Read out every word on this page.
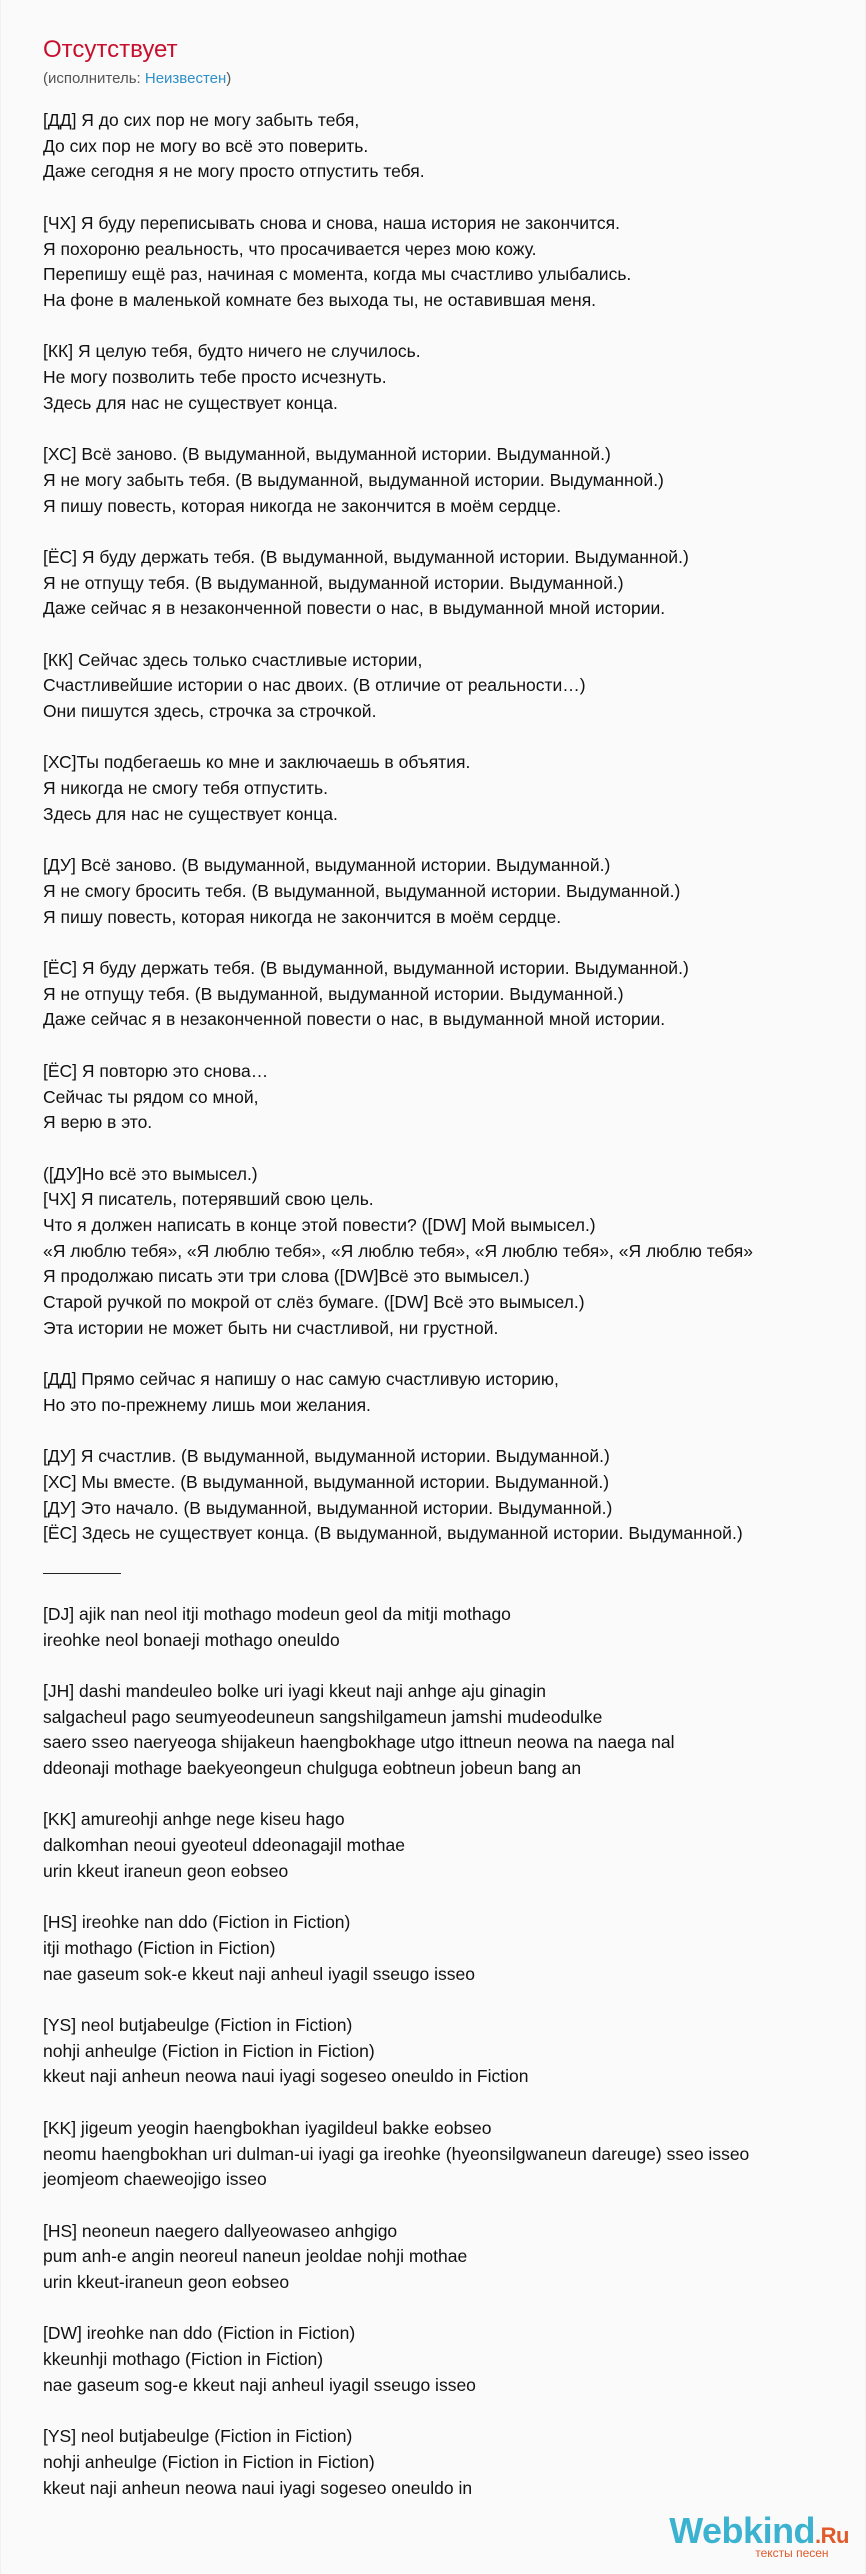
Отсутствует
(исполнитель: Неизвестен)
[ДД] Я до сих пор не могу забыть тебя,
До сих пор не могу во всё это поверить.
Даже сегодня я не могу просто отпустить тебя.
[ЧХ] Я буду переписывать снова и снова, наша история не закончится.
Я похороню реальность, что просачивается через мою кожу.
Перепишу ещё раз, начиная с момента, когда мы счастливо улыбались.
На фоне в маленькой комнате без выхода ты, не оставившая меня.
[КК] Я целую тебя, будто ничего не случилось.
Не могу позволить тебе просто исчезнуть.
Здесь для нас не существует конца.
[ХС] Всё заново. (В выдуманной, выдуманной истории. Выдуманной.)
Я не могу забыть тебя. (В выдуманной, выдуманной истории. Выдуманной.)
Я пишу повесть, которая никогда не закончится в моём сердце.
[ЁС] Я буду держать тебя. (В выдуманной, выдуманной истории. Выдуманной.)
Я не отпущу тебя. (В выдуманной, выдуманной истории. Выдуманной.)
Даже сейчас я в незаконченной повести о нас, в выдуманной мной истории.
[КК] Сейчас здесь только счастливые истории,
Счастливейшие истории о нас двоих. (В отличие от реальности…)
Они пишутся здесь, строчка за строчкой.
[ХС]Ты подбегаешь ко мне и заключаешь в объятия.
Я никогда не смогу тебя отпустить.
Здесь для нас не существует конца.
[ДУ] Всё заново. (В выдуманной, выдуманной истории. Выдуманной.)
Я не смогу бросить тебя. (В выдуманной, выдуманной истории. Выдуманной.)
Я пишу повесть, которая никогда не закончится в моём сердце.
[ЁС] Я буду держать тебя. (В выдуманной, выдуманной истории. Выдуманной.)
Я не отпущу тебя. (В выдуманной, выдуманной истории. Выдуманной.)
Даже сейчас я в незаконченной повести о нас, в выдуманной мной истории.
[ЁС] Я повторю это снова…
Сейчас ты рядом со мной,
Я верю в это.
([ДУ]Но всё это вымысел.)
[ЧХ] Я писатель, потерявший свою цель.
Что я должен написать в конце этой повести? ([DW] Мой вымысел.)
«Я люблю тебя», «Я люблю тебя», «Я люблю тебя», «Я люблю тебя», «Я люблю тебя»
Я продолжаю писать эти три слова ([DW]Всё это вымысел.)
Старой ручкой по мокрой от слёз бумаге. ([DW] Всё это вымысел.)
Эта истории не может быть ни счастливой, ни грустной.
[ДД] Прямо сейчас я напишу о нас самую счастливую историю,
Но это по-прежнему лишь мои желания.
[ДУ] Я счастлив. (В выдуманной, выдуманной истории. Выдуманной.)
[ХС] Мы вместе. (В выдуманной, выдуманной истории. Выдуманной.)
[ДУ] Это начало. (В выдуманной, выдуманной истории. Выдуманной.)
[ЁС] Здесь не существует конца. (В выдуманной, выдуманной истории. Выдуманной.)
[DJ] ajik nan neol itji mothago modeun geol da mitji mothago
ireohke neol bonaeji mothago oneuldo
[JH] dashi mandeuleo bolke uri iyagi kkeut naji anhge aju ginagin
salgacheul pago seumyeodeuneun sangshilgameun jamshi mudeodulke
saero sseo naeryeoga shijakeun haengbokhage utgo ittneun neowa na naega nal
ddeonaji mothage baekyeongeun chulguga eobtneun jobeun bang an
[KK] amureohji anhge nege kiseu hago
dalkomhan neoui gyeoteul ddeonagajil mothae
urin kkeut iraneun geon eobseo
[HS] ireohke nan ddo (Fiction in Fiction)
itji mothago (Fiction in Fiction)
nae gaseum sok-e kkeut naji anheul iyagil sseugo isseo
[YS] neol butjabeulge (Fiction in Fiction)
nohji anheulge (Fiction in Fiction in Fiction)
kkeut naji anheun neowa naui iyagi sogeseo oneuldo in Fiction
[KK] jigeum yeogin haengbokhan iyagildeul bakke eobseo
neomu haengbokhan uri dulman-ui iyagi ga ireohke (hyeonsilgwaneun dareuge) sseo isseo
jeomjeom chaeweojigo isseo
[HS] neoneun naegero dallyeowaseo anhgigo
pum anh-e angin neoreul naneun jeoldae nohji mothae
urin kkeut-iraneun geon eobseo
[DW] ireohke nan ddo (Fiction in Fiction)
kkeunhji mothago (Fiction in Fiction)
nae gaseum sog-e kkeut naji anheul iyagil sseugo isseo
[YS] neol butjabeulge (Fiction in Fiction)
nohji anheulge (Fiction in Fiction in Fiction)
kkeut naji anheun neowa naui iyagi sogeseo oneuldo in
Webkind.Ru
тексты песен
